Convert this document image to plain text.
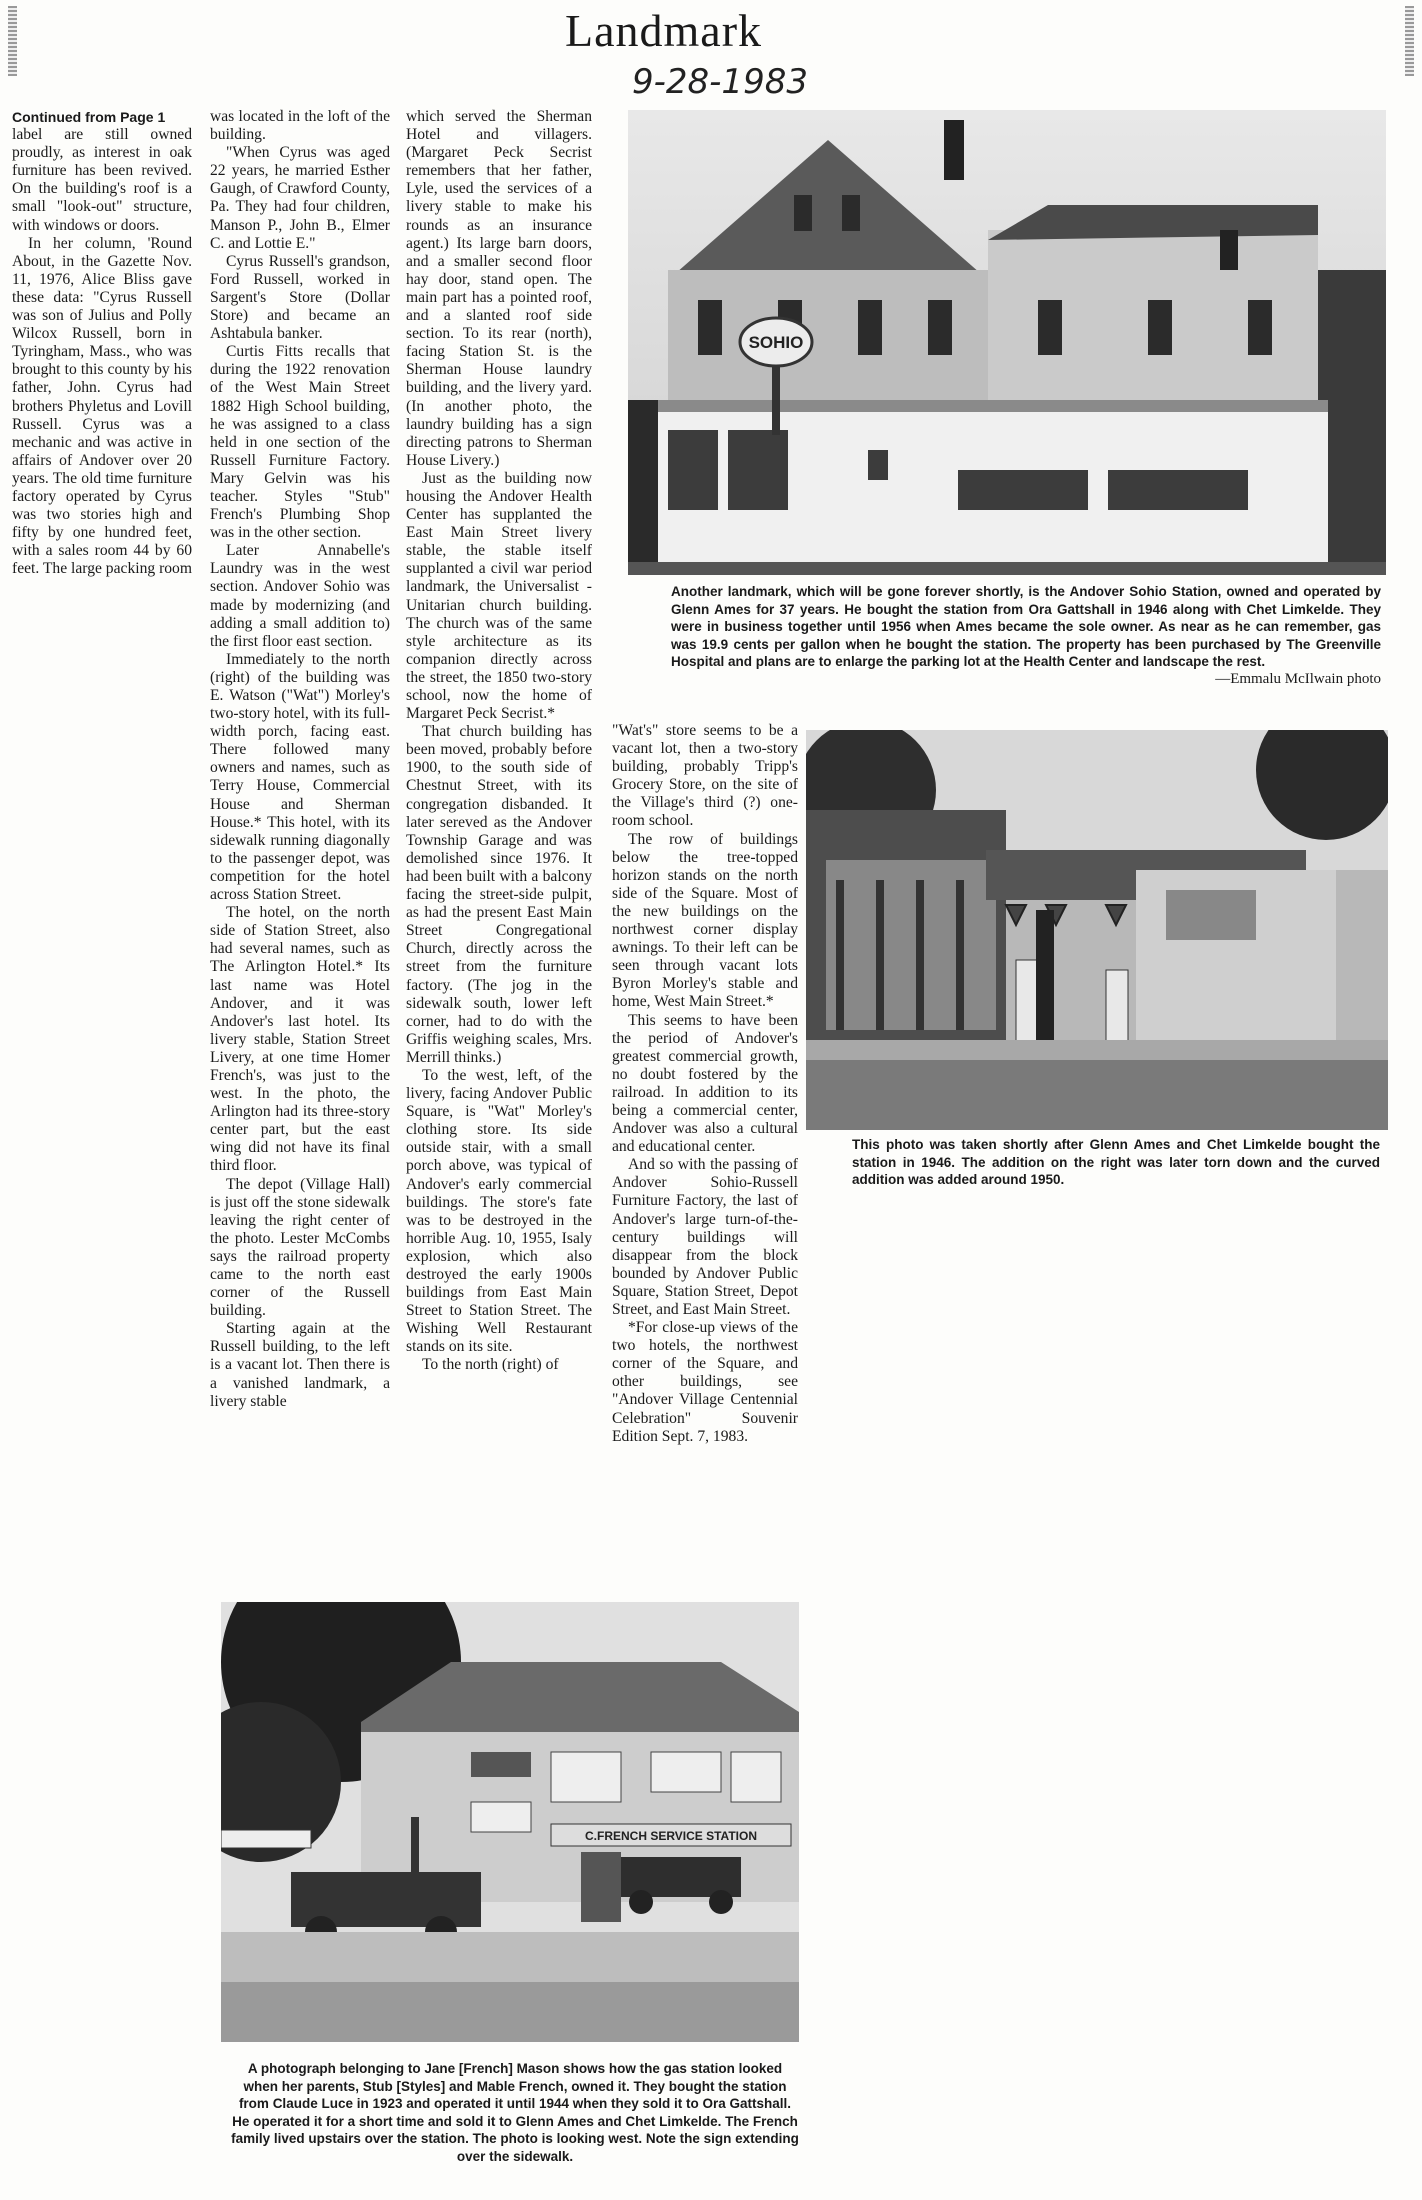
Landmark
9-28-1983

Continued from Page 1

label are still owned proudly, as interest in oak furniture has been revived. On the building's roof is a small "look-out" structure, with windows or doors.

In her column, 'Round About, in the Gazette Nov. 11, 1976, Alice Bliss gave these data: "Cyrus Russell was son of Julius and Polly Wilcox Russell, born in Tyringham, Mass., who was brought to this county by his father, John. Cyrus had brothers Phyletus and Lovill Russell. Cyrus was a mechanic and was active in affairs of Andover over 20 years. The old time furniture factory operated by Cyrus was two stories high and fifty by one hundred feet, with a sales room 44 by 60 feet. The large packing room

was located in the loft of the building.

"When Cyrus was aged 22 years, he married Esther Gaugh, of Crawford County, Pa. They had four children, Manson P., John B., Elmer C. and Lottie E."

Cyrus Russell's grandson, Ford Russell, worked in Sargent's Store (Dollar Store) and became an Ashtabula banker.

Curtis Fitts recalls that during the 1922 renovation of the West Main Street 1882 High School building, he was assigned to a class held in one section of the Russell Furniture Factory. Mary Gelvin was his teacher. Styles "Stub" French's Plumbing Shop was in the other section.

Later Annabelle's Laundry was in the west section. Andover Sohio was made by modernizing (and adding a small addition to) the first floor east section.

Immediately to the north (right) of the building was E. Watson ("Wat") Morley's two-story hotel, with its full-width porch, facing east. There followed many owners and names, such as Terry House, Commercial House and Sherman House.* This hotel, with its sidewalk running diagonally to the passenger depot, was competition for the hotel across Station Street.

The hotel, on the north side of Station Street, also had several names, such as The Arlington Hotel.* Its last name was Hotel Andover, and it was Andover's last hotel. Its livery stable, Station Street Livery, at one time Homer French's, was just to the west. In the photo, the Arlington had its three-story center part, but the east wing did not have its final third floor.

The depot (Village Hall) is just off the stone sidewalk leaving the right center of the photo. Lester McCombs says the railroad property came to the north east corner of the Russell building.

Starting again at the Russell building, to the left is a vacant lot. Then there is a vanished landmark, a livery stable

which served the Sherman Hotel and villagers. (Margaret Peck Secrist remembers that her father, Lyle, used the services of a livery stable to make his rounds as an insurance agent.) Its large barn doors, and a smaller second floor hay door, stand open. The main part has a pointed roof, and a slanted roof side section. To its rear (north), facing Station St. is the Sherman House laundry building, and the livery yard. (In another photo, the laundry building has a sign directing patrons to Sherman House Livery.)

Just as the building now housing the Andover Health Center has supplanted the East Main Street livery stable, the stable itself supplanted a civil war period landmark, the Universalist - Unitarian church building. The church was of the same style architecture as its companion directly across the street, the 1850 two-story school, now the home of Margaret Peck Secrist.*

That church building has been moved, probably before 1900, to the south side of Chestnut Street, with its congregation disbanded. It later sereved as the Andover Township Garage and was demolished since 1976. It had been built with a balcony facing the street-side pulpit, as had the present East Main Street Congregational Church, directly across the street from the furniture factory. (The jog in the sidewalk south, lower left corner, had to do with the Griffis weighing scales, Mrs. Merrill thinks.)

To the west, left, of the livery, facing Andover Public Square, is "Wat" Morley's clothing store. Its side outside stair, with a small porch above, was typical of Andover's early commercial buildings. The store's fate was to be destroyed in the horrible Aug. 10, 1955, Isaly explosion, which also destroyed the early 1900s buildings from East Main Street to Station Street. The Wishing Well Restaurant stands on its site.

To the north (right) of

"Wat's" store seems to be a vacant lot, then a two-story building, probably Tripp's Grocery Store, on the site of the Village's third (?) one-room school.

The row of buildings below the tree-topped horizon stands on the north side of the Square. Most of the new buildings on the northwest corner display awnings. To their left can be seen through vacant lots Byron Morley's stable and home, West Main Street.*

This seems to have been the period of Andover's greatest commercial growth, no doubt fostered by the railroad. In addition to its being a commercial center, Andover was also a cultural and educational center.

And so with the passing of Andover Sohio-Russell Furniture Factory, the last of Andover's large turn-of-the-century buildings will disappear from the block bounded by Andover Public Square, Station Street, Depot Street, and East Main Street.

*For close-up views of the two hotels, the northwest corner of the Square, and other buildings, see "Andover Village Centennial Celebration" Souvenir Edition Sept. 7, 1983.

SOHIO
Another landmark, which will be gone forever shortly, is the Andover Sohio Station, owned and operated by Glenn Ames for 37 years. He bought the station from Ora Gattshall in 1946 along with Chet Limkelde. They were in business together until 1956 when Ames became the sole owner. As near as he can remember, gas was 19.9 cents per gallon when he bought the station. The property has been purchased by The Greenville Hospital and plans are to enlarge the parking lot at the Health Center and landscape the rest.
—Emmalu McIlwain photo
This photo was taken shortly after Glenn Ames and Chet Limkelde bought the station in 1946. The addition on the right was later torn down and the curved addition was added around 1950.
C.FRENCH SERVICE STATION
A photograph belonging to Jane [French] Mason shows how the gas station looked when her parents, Stub [Styles] and Mable French, owned it. They bought the station from Claude Luce in 1923 and operated it until 1944 when they sold it to Ora Gattshall. He operated it for a short time and sold it to Glenn Ames and Chet Limkelde. The French family lived upstairs over the station. The photo is looking west. Note the sign extending over the sidewalk.
